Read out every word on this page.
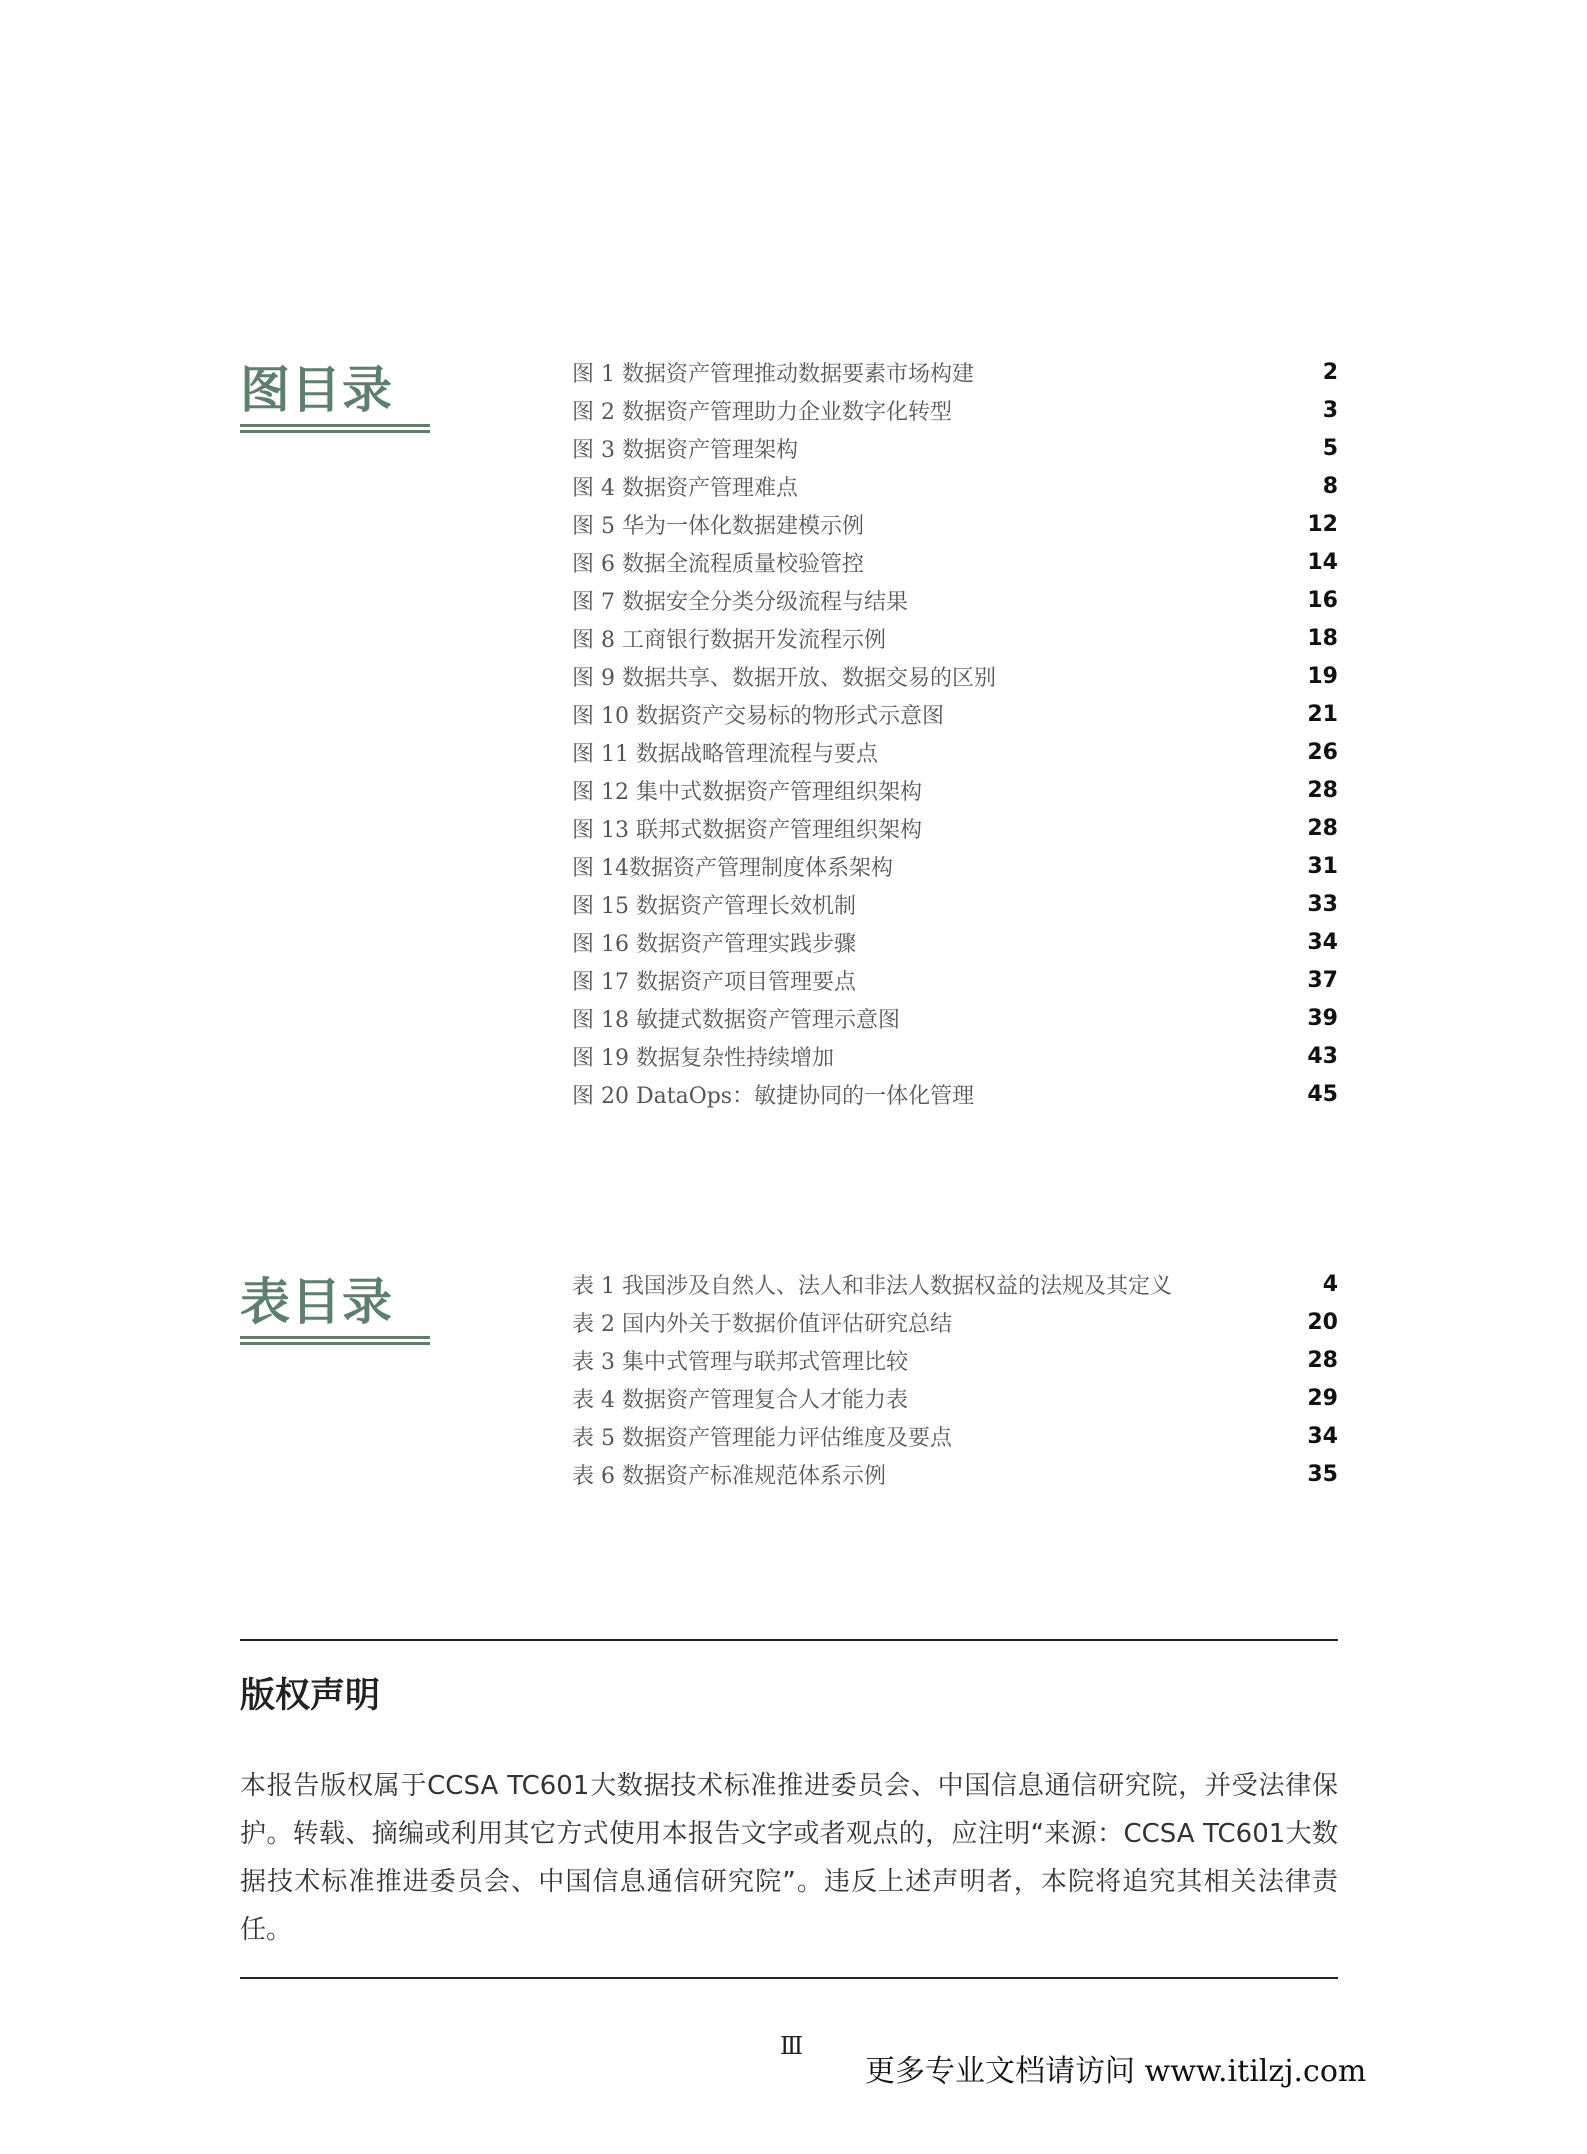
图目录	图 1 数据资产管理推动数据要素市场构建	2
图 2 数据资产管理助力企业数字化转型	3
图 3 数据资产管理架构	5
图 4 数据资产管理难点	8
图 5 华为一体化数据建模示例	12
图 6 数据全流程质量校验管控	14
图 7 数据安全分类分级流程与结果	16
图 8 工商银行数据开发流程示例	18
图 9 数据共享、数据开放、数据交易的区别	19
图 10 数据资产交易标的物形式示意图	21
图 11 数据战略管理流程与要点	26
图 12 集中式数据资产管理组织架构	28
图 13 联邦式数据资产管理组织架构	28
图 14数据资产管理制度体系架构	31
图 15 数据资产管理长效机制	33
图 16 数据资产管理实践步骤	34
图 17 数据资产项目管理要点	37
图 18 敏捷式数据资产管理示意图	39
图 19 数据复杂性持续增加	43
图 20 DataOps：敏捷协同的一体化管理	45
表目录	表 1 我国涉及自然人、法人和非法人数据权益的法规及其定义	4
表 2 国内外关于数据价值评估研究总结	20
表 3 集中式管理与联邦式管理比较	28
表 4 数据资产管理复合人才能力表	29
表 5 数据资产管理能力评估维度及要点	34
表 6 数据资产标准规范体系示例	35
版权声明
本报告版权属于CCSA TC601大数据技术标准推进委员会、中国信息通信研究院，并受法律保护。转载、摘编或利用其它方式使用本报告文字或者观点的，应注明“来源：CCSA TC601大数据技术标准推进委员会、中国信息通信研究院”。违反上述声明者，本院将追究其相关法律责任。
Ⅲ
更多专业文档请访问 www.itilzj.com
